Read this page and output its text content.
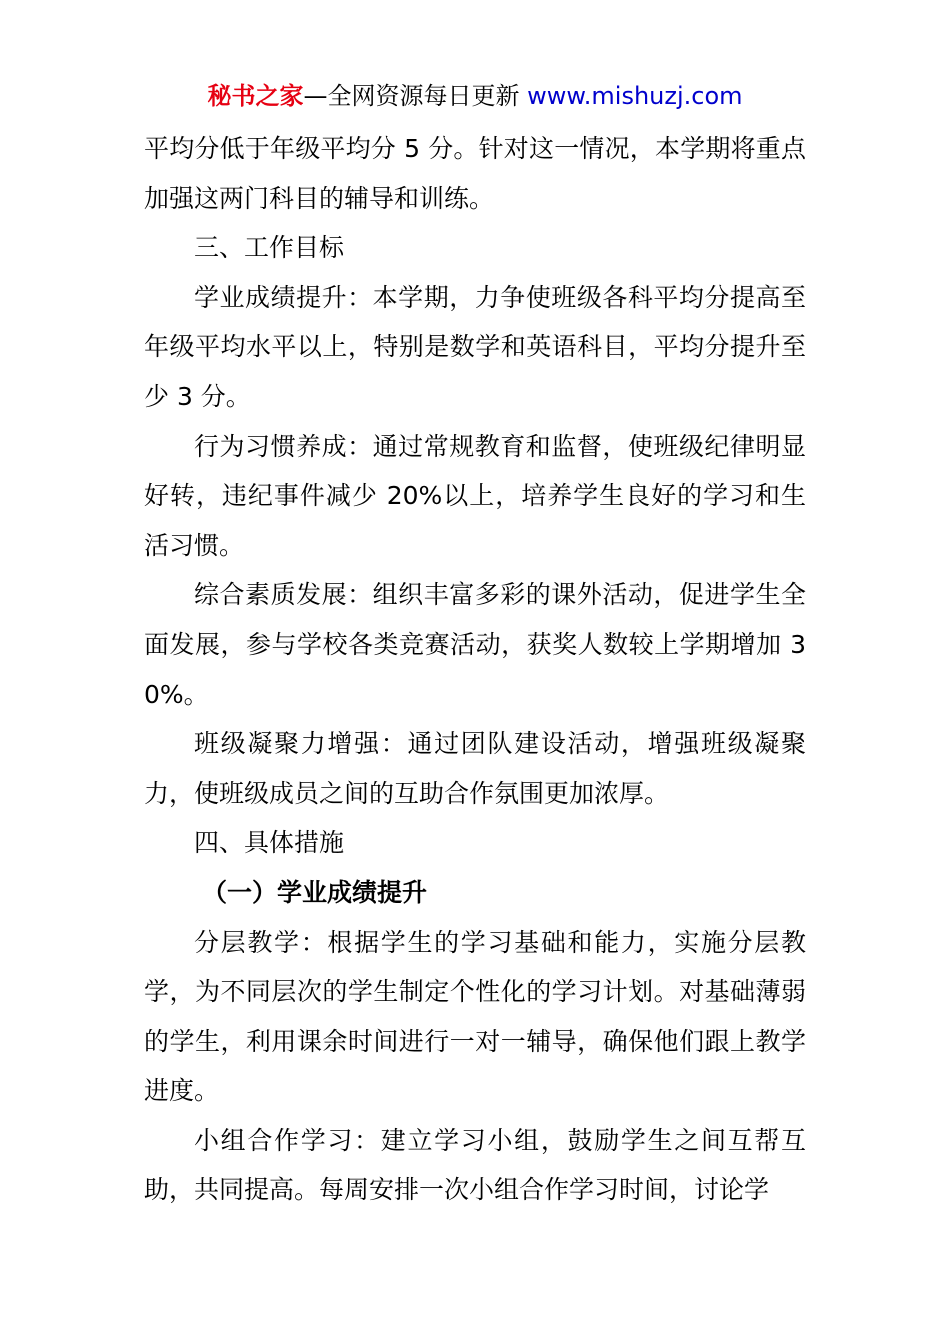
秘书之家—全网资源每日更新 www.mishuzj.com

平均分低于年级平均分 5 分。针对这一情况，本学期将重点加强这两门科目的辅导和训练。

三、工作目标

学业成绩提升：本学期，力争使班级各科平均分提高至年级平均水平以上，特别是数学和英语科目，平均分提升至少 3 分。

行为习惯养成：通过常规教育和监督，使班级纪律明显好转，违纪事件减少 20%以上，培养学生良好的学习和生活习惯。

综合素质发展：组织丰富多彩的课外活动，促进学生全面发展，参与学校各类竞赛活动，获奖人数较上学期增加 30%。

班级凝聚力增强：通过团队建设活动，增强班级凝聚力，使班级成员之间的互助合作氛围更加浓厚。

四、具体措施

（一）学业成绩提升

分层教学：根据学生的学习基础和能力，实施分层教学，为不同层次的学生制定个性化的学习计划。对基础薄弱的学生，利用课余时间进行一对一辅导，确保他们跟上教学进度。

小组合作学习：建立学习小组，鼓励学生之间互帮互助，共同提高。每周安排一次小组合作学习时间，讨论学
